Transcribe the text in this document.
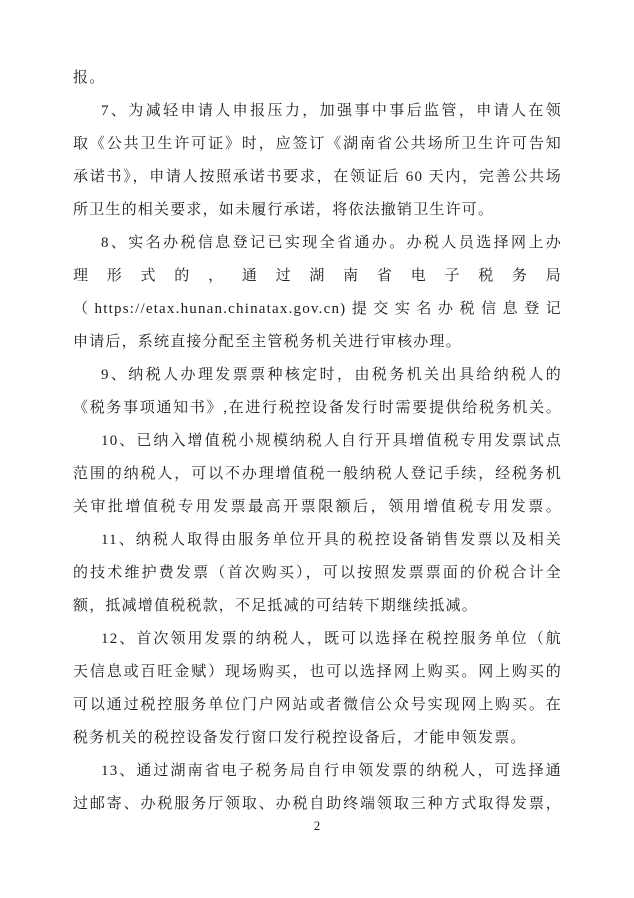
报。
7、为减轻申请人申报压力，加强事中事后监管，申请人在领
取《公共卫生许可证》时，应签订《湖南省公共场所卫生许可告知
承诺书》，申请人按照承诺书要求，在领证后 60 天内，完善公共场
所卫生的相关要求，如未履行承诺，将依法撤销卫生许可。
8、实名办税信息登记已实现全省通办。办税人员选择网上办
理形式的，通过湖南省电子税务局
（https://etax.hunan.chinatax.gov.cn)提交实名办税信息登记
申请后，系统直接分配至主管税务机关进行审核办理。
9、纳税人办理发票票种核定时，由税务机关出具给纳税人的
《税务事项通知书》,在进行税控设备发行时需要提供给税务机关。
10、已纳入增值税小规模纳税人自行开具增值税专用发票试点
范围的纳税人，可以不办理增值税一般纳税人登记手续，经税务机
关审批增值税专用发票最高开票限额后，领用增值税专用发票。
11、纳税人取得由服务单位开具的税控设备销售发票以及相关
的技术维护费发票（首次购买），可以按照发票票面的价税合计全
额，抵减增值税税款，不足抵减的可结转下期继续抵减。
12、首次领用发票的纳税人，既可以选择在税控服务单位（航
天信息或百旺金赋）现场购买，也可以选择网上购买。网上购买的
可以通过税控服务单位门户网站或者微信公众号实现网上购买。在
税务机关的税控设备发行窗口发行税控设备后，才能申领发票。
13、通过湖南省电子税务局自行申领发票的纳税人，可选择通
过邮寄、办税服务厅领取、办税自助终端领取三种方式取得发票，
2
